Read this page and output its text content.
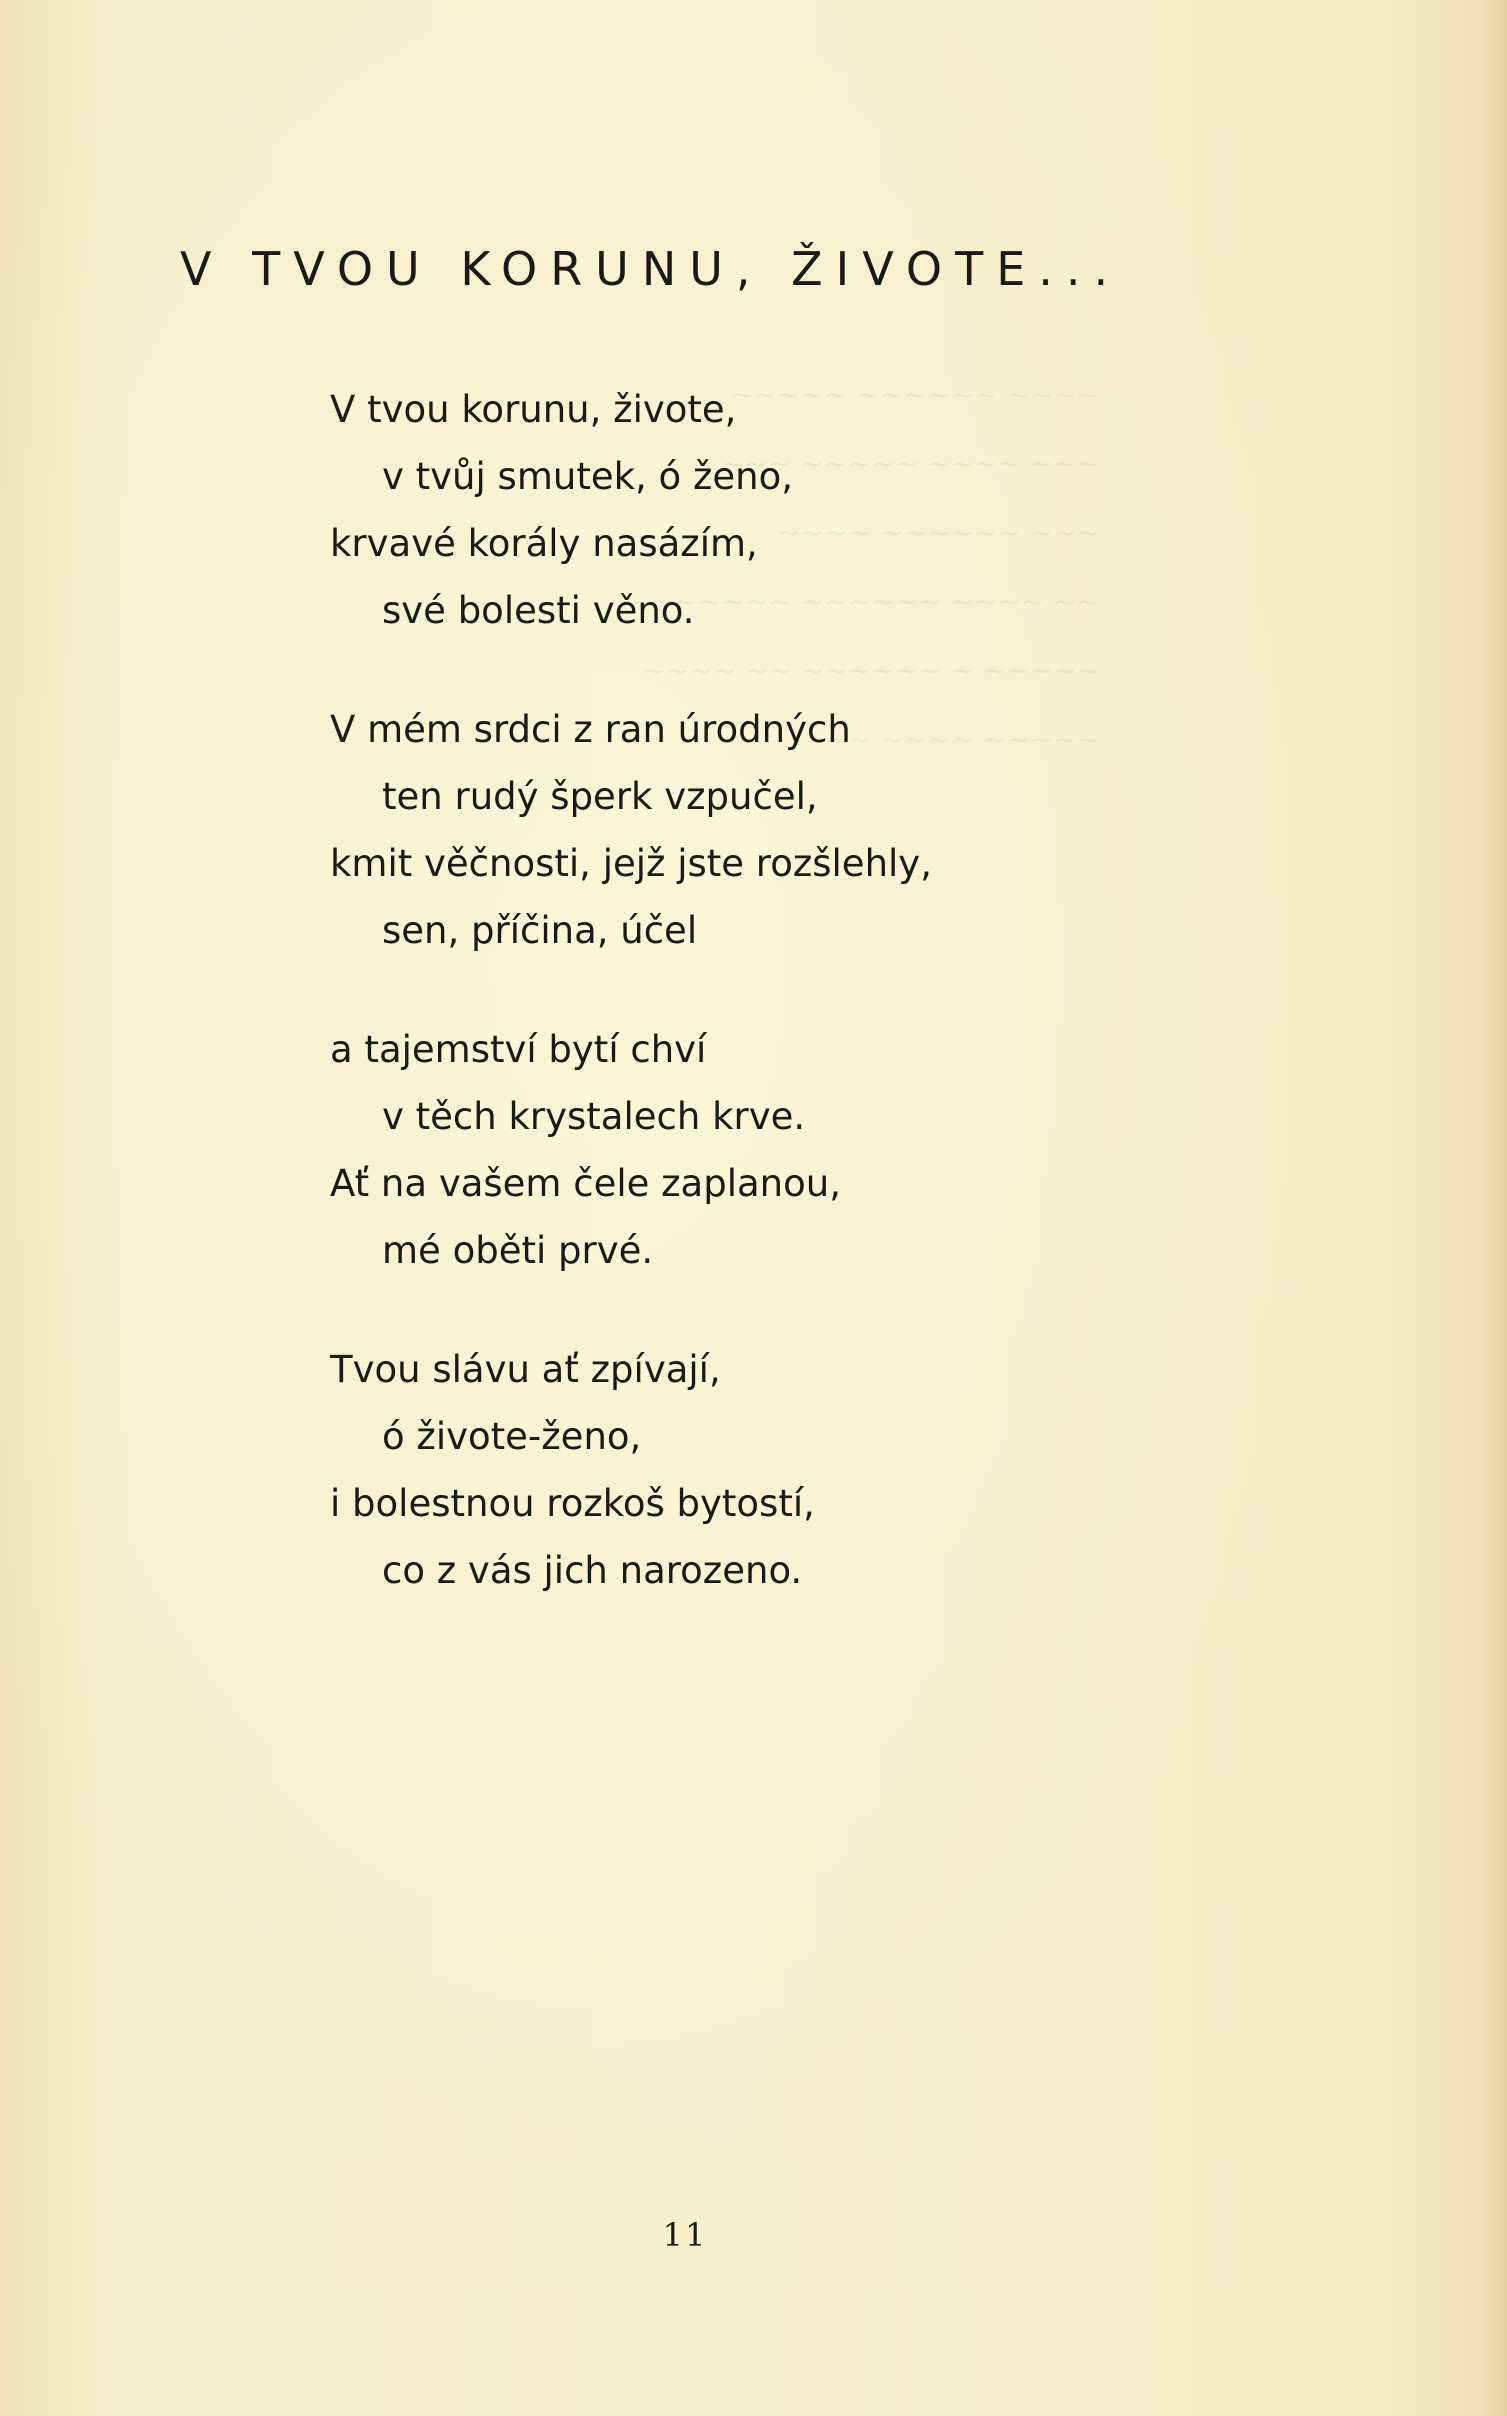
~~~~~ ~~~~~~ ~~~~
~~~ ~~~~~ ~~~~ ~~~
~~~~ ~~~~~~ ~~~
~ ~~~~~~ ~~~~~~ ~~~~ ~~
~~~~ ~~ ~~~~~~ ~ ~~~~~
~~ ~~~~ ~~~~~
V TVOU KORUNU, ŽIVOTE...
V tvou korunu, živote,
v tvůj smutek, ó ženo,
krvavé korály nasázím,
své bolesti věno.
V mém srdci z ran úrodných
ten rudý šperk vzpučel,
kmit věčnosti, jejž jste rozšlehly,
sen, příčina, účel
a tajemství bytí chví
v těch krystalech krve.
Ať na vašem čele zaplanou,
mé oběti prvé.
Tvou slávu ať zpívají,
ó živote-ženo,
i bolestnou rozkoš bytostí,
co z vás jich narozeno.
11
